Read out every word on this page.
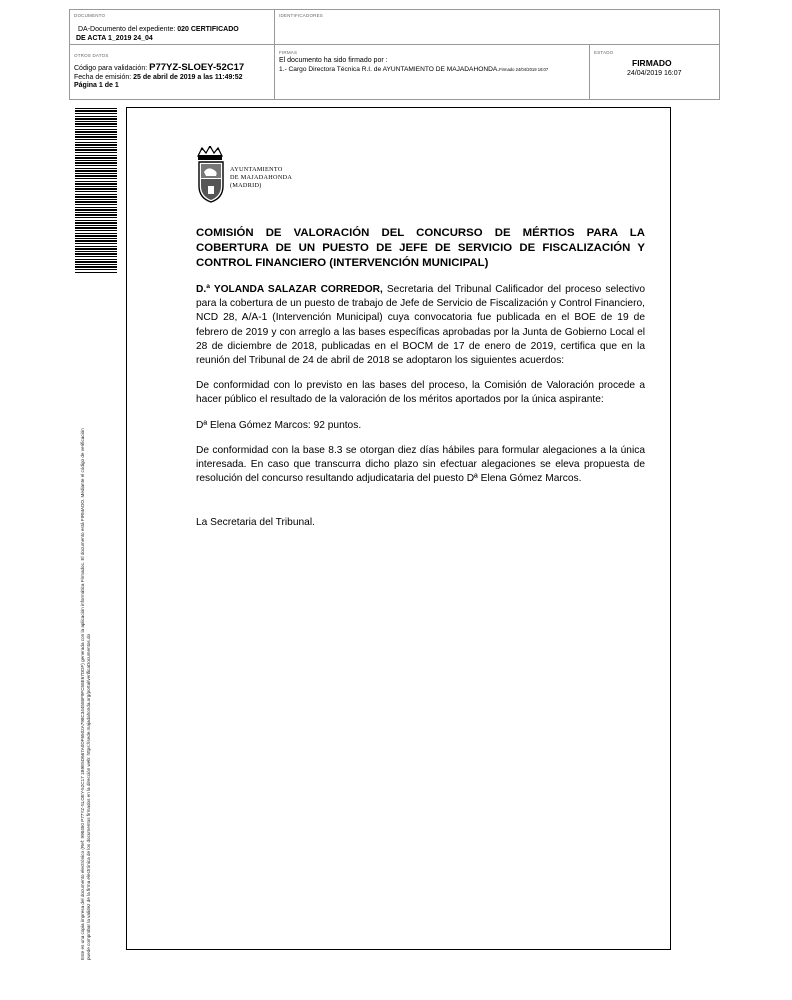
DOCUMENTO
DA-Documento del expediente: 020 CERTIFICADO
DE ACTA 1_2019 24_04
IDENTIFICADORES
OTROS DATOS
Código para validación: P77YZ-SLOEY-52C17
Fecha de emisión: 25 de abril de 2019 a las 11:49:52
Página 1 de 1
FIRMAS
El documento ha sido firmado por :
1.- Cargo Directora Técnica R.I. de AYUNTAMIENTO DE MAJADAHONDA.Firmado 24/04/2019 16:07
ESTADO
FIRMADO
24/04/2019 16:07
Este es una copia impresa del documento electrónico (Ref: 998450 P77YZ-SLOEY-52C17 1B9E5D667A0DF6502A798C344558F9FC58E67DDF) generada con la aplicación informática Firmadoc. El documento está FIRMADO. Mediante el código de verificación puede comprobar la validez de la firma electrónica de los documentos firmados en la dirección web: https://sede.majadahonda.org/portal/verificaDocumentos.do
AYUNTAMIENTO
DE MAJADAHONDA
(MADRID)

COMISIÓN DE VALORACIÓN DEL CONCURSO DE MÉRTIOS PARA LA COBERTURA DE UN PUESTO DE JEFE DE SERVICIO DE FISCALIZACIÓN Y CONTROL FINANCIERO (INTERVENCIÓN MUNICIPAL)

D.ª YOLANDA SALAZAR CORREDOR, Secretaria del Tribunal Calificador del proceso selectivo para la cobertura de un puesto de trabajo de Jefe de Servicio de Fiscalización y Control Financiero, NCD 28, A/A-1 (Intervención Municipal) cuya convocatoria fue publicada en el BOE de 19 de febrero de 2019 y con arreglo a las bases específicas aprobadas por la Junta de Gobierno Local el 28 de diciembre de 2018, publicadas en el BOCM de 17 de enero de 2019, certifica que en la reunión del Tribunal de 24 de abril de 2018 se adoptaron los siguientes acuerdos:

De conformidad con lo previsto en las bases del proceso, la Comisión de Valoración procede a hacer público el resultado de la valoración de los méritos aportados por la única aspirante:

Dª Elena Gómez Marcos: 92 puntos.

De conformidad con la base 8.3 se otorgan diez días hábiles para formular alegaciones a la única interesada. En caso que transcurra dicho plazo sin efectuar alegaciones se eleva propuesta de resolución del concurso resultando adjudicataria del puesto Dª Elena Gómez Marcos.

La Secretaria del Tribunal.
